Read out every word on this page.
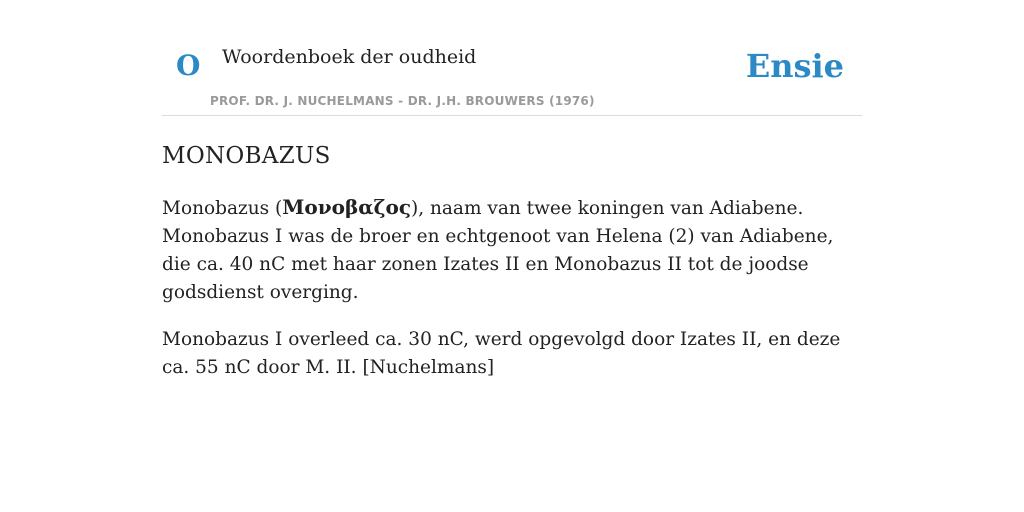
O Woordenboek der oudheid
PROF. DR. J. NUCHELMANS - DR. J.H. BROUWERS (1976)
Ensie
MONOBAZUS

Monobazus (Μονοβαζος), naam van twee koningen van Adiabene. Monobazus I was de broer en echtgenoot van Helena (2) van Adiabene, die ca. 40 nC met haar zonen Izates II en Monobazus II tot de joodse godsdienst overging.

Monobazus I overleed ca. 30 nC, werd opgevolgd door Izates II, en deze ca. 55 nC door M. II. [Nuchelmans]
